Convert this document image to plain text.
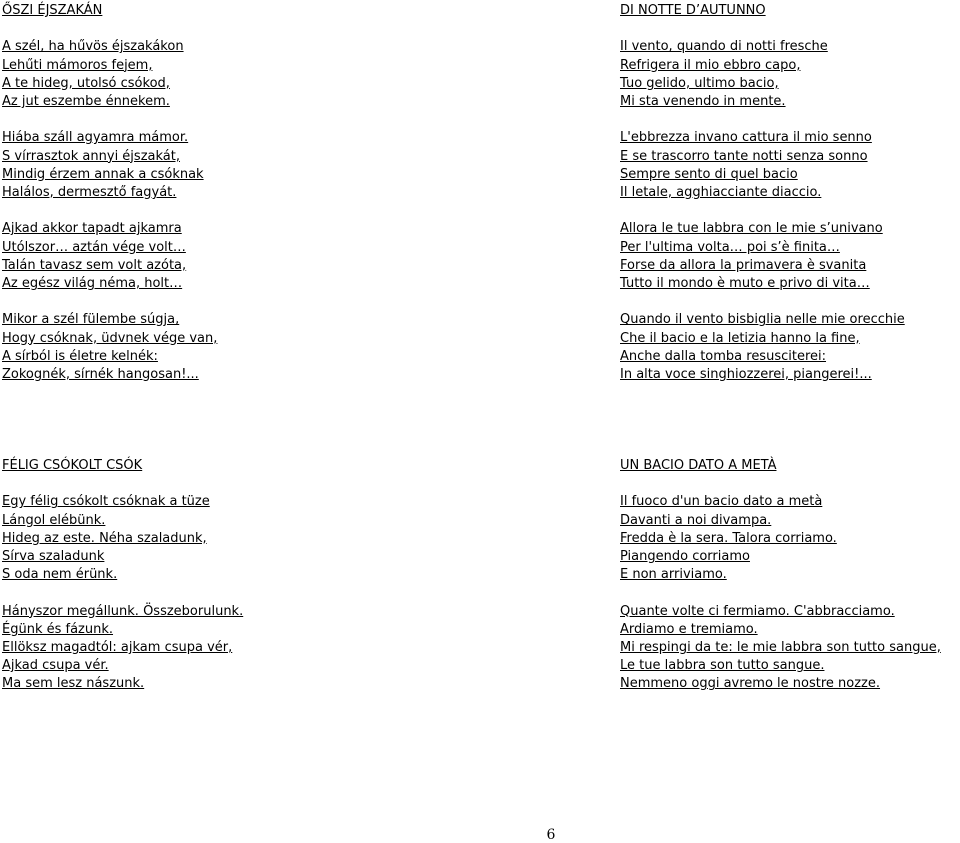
ŐSZI ÉJSZAKÁN
A szél, ha hűvös éjszakákon
Lehűti mámoros fejem,
A te hideg, utolsó csókod,
Az jut eszembe énnekem.
Hiába száll agyamra mámor.
S vírrasztok annyi éjszakát,
Mindig érzem annak a csóknak
Halálos, dermesztő fagyát.
Ajkad akkor tapadt ajkamra
Utólszor… aztán vége volt…
Talán tavasz sem volt azóta,
Az egész világ néma, holt…
Mikor a szél fülembe súgja,
Hogy csóknak, üdvnek vége van,
A sírból is életre kelnék:
Zokognék, sírnék hangosan!...
DI NOTTE D’AUTUNNO
Il vento, quando di notti fresche
Refrigera il mio ebbro capo,
Tuo gelido, ultimo bacio,
Mi sta venendo in mente.
L'ebbrezza invano cattura il mio senno
E se trascorro tante notti senza sonno
Sempre sento di quel bacio
Il letale, agghiacciante diaccio.
Allora le tue labbra con le mie s’univano
Per l'ultima volta… poi s’è finita…
Forse da allora la primavera è svanita
Tutto il mondo è muto e privo di vita…
Quando il vento bisbiglia nelle mie orecchie
Che il bacio e la letizia hanno la fine,
Anche dalla tomba resusciterei:
In alta voce singhiozzerei, piangerei!...
FÉLIG CSÓKOLT CSÓK
Egy félig csókolt csóknak a tüze
Lángol elébünk.
Hideg az este. Néha szaladunk,
Sírva szaladunk
S oda nem érünk.
Hányszor megállunk. Összeborulunk.
Égünk és fázunk.
Ellöksz magadtól: ajkam csupa vér,
Ajkad csupa vér.
Ma sem lesz nászunk.
UN BACIO DATO A METÀ
Il fuoco d'un bacio dato a metà
Davanti a noi divampa.
Fredda è la sera. Talora corriamo.
Piangendo corriamo
E non arriviamo.
Quante volte ci fermiamo. C'abbracciamo.
Ardiamo e tremiamo.
Mi respingi da te: le mie labbra son tutto sangue,
Le tue labbra son tutto sangue.
Nemmeno oggi avremo le nostre nozze.
6
